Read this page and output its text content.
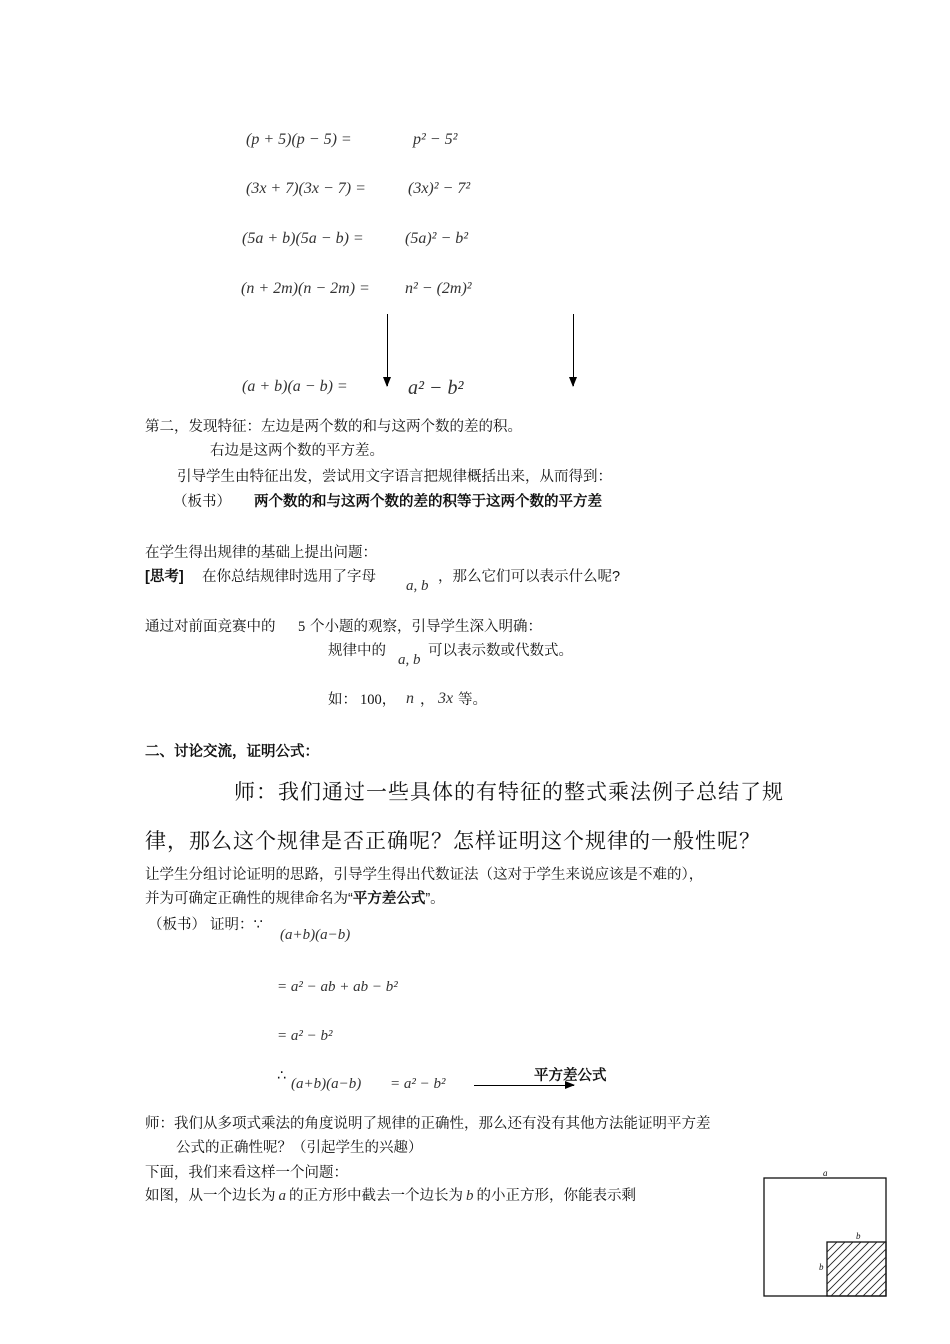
(p + 5)(p − 5) =	p² − 5²
(3x + 7)(3x − 7) =	(3x)² − 7²
(5a + b)(5a − b) =	(5a)² − b²
(n + 2m)(n − 2m) = n² − (2m)²
(a + b)(a − b) =	a² − b²
第二，发现特征：左边是两个数的和与这两个数的差的积。
右边是这两个数的平方差。
引导学生由特征出发，尝试用文字语言把规律概括出来，从而得到：
（板书） 两个数的和与这两个数的差的积等于这两个数的平方差
在学生得出规律的基础上提出问题：
[思考] 在你总结规律时选用了字母
a, b
，那么它们可以表示什么呢?
通过对前面竞赛中的 5 个小题的观察，引导学生深入明确：
规律中的
a, b
可以表示数或代数式。
如： 100， n ， 3x 等。
二、讨论交流，证明公式：
师：我们通过一些具体的有特征的整式乘法例子总结了规
律，那么这个规律是否正确呢？怎样证明这个规律的一般性呢？
让学生分组讨论证明的思路，引导学生得出代数证法（这对于学生来说应该是不难的），
并为可确定正确性的规律命名为“平方差公式”。
（板书） 证明：∵
(a+b)(a−b)
= a² − ab + ab − b²
= a² − b²
∴ (a+b)(a−b) = a² − b²	平方差公式
师：我们从多项式乘法的角度说明了规律的正确性，那么还有没有其他方法能证明平方差
公式的正确性呢？（引起学生的兴趣）
下面，我们来看这样一个问题：
如图，从一个边长为 a 的正方形中截去一个边长为 b 的小正方形，你能表示剩
a
b
b
